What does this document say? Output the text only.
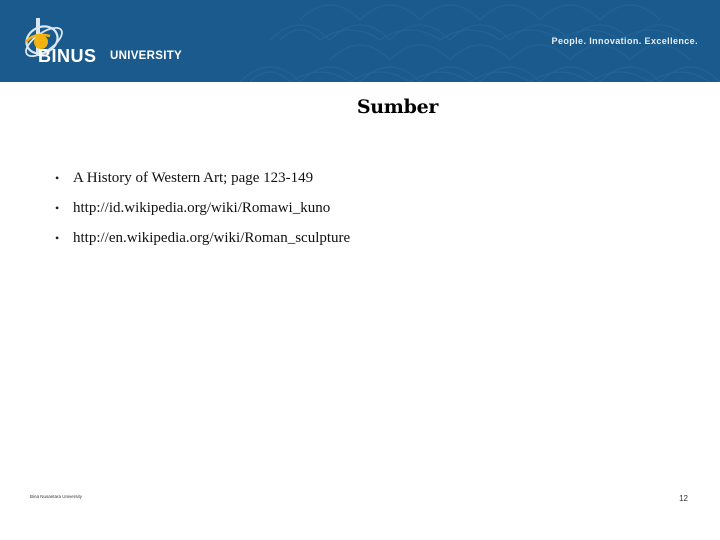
BINUS UNIVERSITY
People. Innovation. Excellence.
Sumber
• A History of Western Art; page 123-149
• http://id.wikipedia.org/wiki/Romawi_kuno
• http://en.wikipedia.org/wiki/Roman_sculpture
Bina Nusantara University	12
